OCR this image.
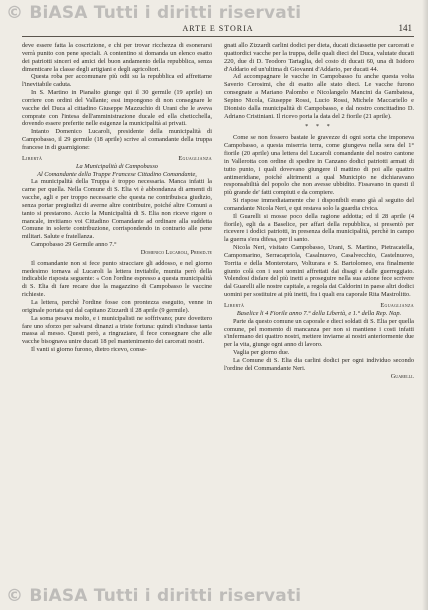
© BiASA Tutti i diritti riservati
ARTE E STORIA	141

deve essere fatta la coscrizione, e chi per trovar ricchezza di esonerarsi verrà punito con pene speciali. A contentino si domanda un elenco esatto dei patriotti sinceri ed amici del buon andamento della repubblica, senza dimenticare la classe degli artigiani e degli agricoltori.

Questa roba per accomunare più odii su la repubblica ed affrettarne l'inevitabile caduta.

In S. Martino in Pianalto giunge qui il 30 germile (19 aprile) un corriere con ordini del Vallante; essi impongono di non consegnare le vacche del Duca al cittadino Giuseppe Mazzuchio di Urani che le aveva comprate con l'intesa dell'amministrazione ducale ed ella cheticchella, dovendo essere preferite nelle esigenze la municipalità ai privati.

Intanto Domenico Lucaroli, presidente della municipalità di Campobasso, il 29 germile (18 aprile) scrive al comandante della truppa francese in di guarnigione:

Libertà	Eguaglianza

La Municipalità di Campobasso

Al Comandante della Truppe Francese Cittadino Comandante,

La municipalità della Truppa è troppo necessaria. Manca infatti la carne per quella. Nella Comune di S. Elia vi è abbondanza di armenti di vacche, agli e per troppo necessarie che questa ne contribuisca giudizio, senza portar pregiudizi di averne altre contribuire, poiché altre Comuni a tanto si prestarono. Accio la Municipalità di S. Elia non riceve rigore o mancale, invitiamo voi Cittadino Comandante ad ordinare alla suddetta Comune in solerte contribuzione, corrispondendo in contrario alle pene militari. Salute e fratellanza.

Campobasso 29 Germile anno 7.°

Domenico Lucaroli, Presid.te

Il comandante non si fece punto stracciare gli addosso, e nel giorno medesimo tornava al Lucaroli la lettera invitabile, munita però della indicabile risposta seguente: « Con l'ordine espresso a questa municipalità di S. Elia di fare recare due la magazzino di Campobasso le vaccine richieste.

La lettera, perchè l'ordine fosse con prontezza eseguito, venne in originale portata qui dal capitano Zizzardi il 28 aprile (9 germile).

La soma pesava molto, e i municipalisti ne soffrivano; pure dovettero fare uno sforzo per salvarsi dinanzi a triste fortuna: quindi s'indusse tanta massa al messo. Questi però, a ringraziare, il fece consegnare che alle vacche bisognava unire ducati 18 pel mantenimento dei carcerati nostri.

Il vanti si giorno furono, dietro ricevo, conse-

gnati allo Zizzardi carlini dodici per dieta, ducati diciassette per carcerati e quattordici vacche per la truppa, delle quali dieci del Duca, valutate ducati 220, due di D. Teodoro Tartaglia, del costo di ducati 60, una di Isidoro d'Addario ed un'ultima di Giovanni d'Addario, per ducati 44.

Ad accompagnare le vacche in Campobasso fu anche questa volta Saverio Cerosimi, che di esatto alle stato dieci. Le vacche furono consegnate a Mariano Palombo e Nicolangelo Mancini da Gambatesa, Sepino Nicola, Giuseppe Rossi, Lucio Rossi, Michele Maccariello e Dionisio dalla municipalità di Campobasso, e dal nostro concittadino D. Adriano Cristiniani. Il ricevo porta la data del 2 fiorile (21 aprile).

* * *

Come se non fossero bastate le gravezze di ogni sorta che imponeva Campobasso, a questa miserria terra, come giungeva nella sera del 1° fiorile (20 aprile) una lettera del Lucaroli comandante del nostro cantone in Vallerotta con ordine di spedire in Canzano dodici patriotti armati di tutto punto, i quali dovevano giungere il mattino di poi alle quattro antimeridiane, poiché altrimenti a qual Municipio ne dichiaravano responsabilità del popolo che non avesse ubbidito. Fissavano in questi il più grande de' fatti compiuti e da compiere.

Si rispose immediatamente che i disponibili erano già al seguito del comandante Nicola Neri, e qui restava solo la guardia civica.

Il Guarelli si mosse poco della ragione addotta; ed il 28 aprile (4 fiorile), egli da a Baselice, per affari della repubblica, si presentò per ricevere i dodici patriotti, in presenza della municipalità, perchè in campo la guerra s'era difesa, per il santo.

Nicola Neri, visitato Campobasso, Urani, S. Martino, Pietracatella, Campomarino, Serracapriola, Casalnuovo, Casalvecchio, Castelnuovo, Torrita e della Monterotaro, Volturara e S. Bartolomeo, era finalmente giunto colà con i suoi uomini affrettati dai disagi e dalle guerreggiato. Volendosi disfare del più inetti a proseguire nella sua azione fece scrivere dal Guarelli alle nostre capitale, a regola dai Caldorini in paese altri dodici uomini per sostituire ai più inetti, fra i quali era caporale Rita Mastrolitto.

Libertà	Eguaglianza

Baselice li 4 Fiorile anno 7.° della Libertà, e 1.° della Rep. Nap.

Parte da questo comune un caporale e dieci soldati di S. Elia per quella comune, pel momento di mancanza per non si mantiene i costi infatti s'infermano dei quattro nostri, mettere inviarne ai nostri anteriormente due per la vita, giunge ogni anno di lavoro.

Vaglia per giorno due.

La Comune di S. Elia dia carlini dodici per ogni individuo secondo l'ordine del Commandante Neri.

Guarelli.

© BiASA Tutti i diritti riservati
